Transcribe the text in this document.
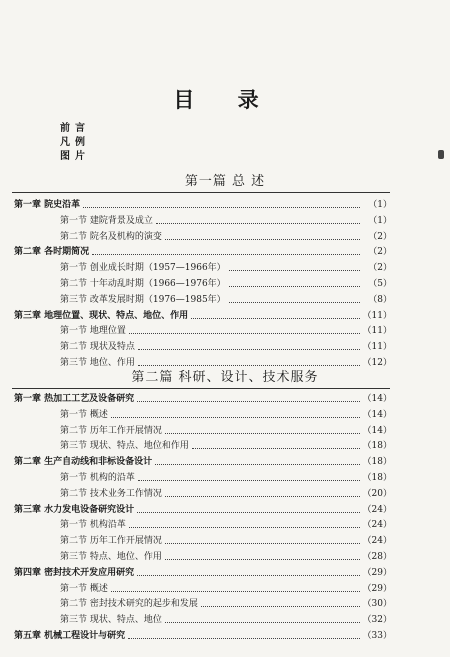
目 录
前言
凡例
图片
第一篇 总 述
第二篇 科研、设计、技术服务
第一章 院史沿革	（1）
第一节 建院背景及成立	（1）
第二节 院名及机构的演变	（2）
第二章 各时期简况	（2）
第一节 创业成长时期（1957—1966年）	（2）
第二节 十年动乱时期（1966—1976年）	（5）
第三节 改革发展时期（1976—1985年）	（8）
第三章 地理位置、现状、特点、地位、作用	（11）
第一节 地理位置	（11）
第二节 现状及特点	（11）
第三节 地位、作用	（12）
第一章 热加工工艺及设备研究	（14）
第一节 概述	（14）
第二节 历年工作开展情况	（14）
第三节 现状、特点、地位和作用	（18）
第二章 生产自动线和非标设备设计	（18）
第一节 机构的沿革	（18）
第二节 技术业务工作情况	（20）
第三章 水力发电设备研究设计	（24）
第一节 机构沿革	（24）
第二节 历年工作开展情况	（24）
第三节 特点、地位、作用	（28）
第四章 密封技术开发应用研究	（29）
第一节 概述	（29）
第二节 密封技术研究的起步和发展	（30）
第三节 现状、特点、地位	（32）
第五章 机械工程设计与研究	（33）
